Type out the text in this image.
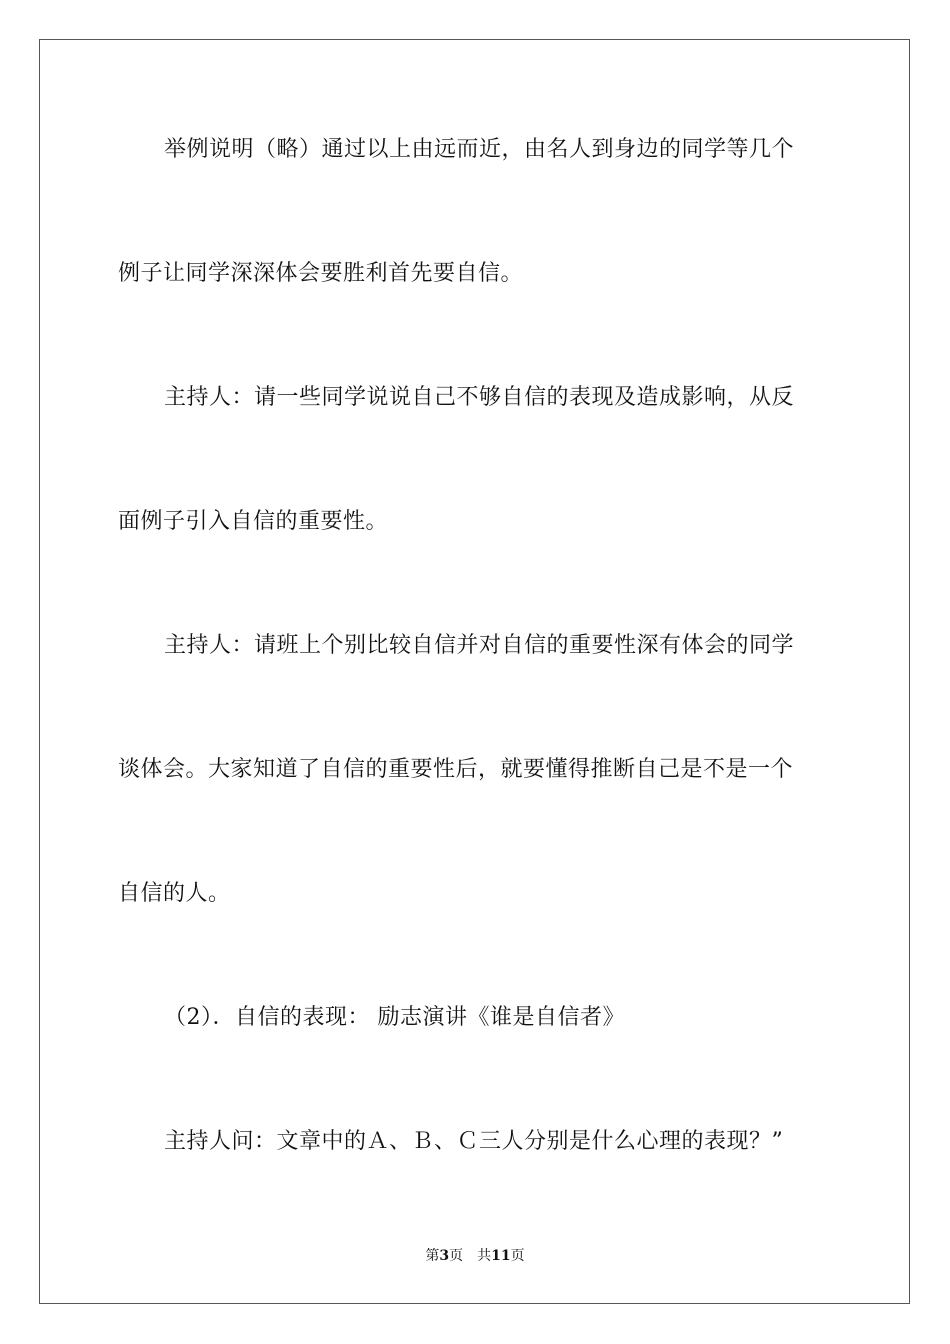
举例说明（略）通过以上由远而近，由名人到身边的同学等几个
例子让同学深深体会要胜利首先要自信。
主持人：请一些同学说说自己不够自信的表现及造成影响，从反
面例子引入自信的重要性。
主持人：请班上个别比较自信并对自信的重要性深有体会的同学
谈体会。大家知道了自信的重要性后，就要懂得推断自己是不是一个
自信的人。
（2）．自信的表现： 励志演讲《谁是自信者》
主持人问：文章中的Ａ、Ｂ、Ｃ三人分别是什么心理的表现？”
第3页　共11页
